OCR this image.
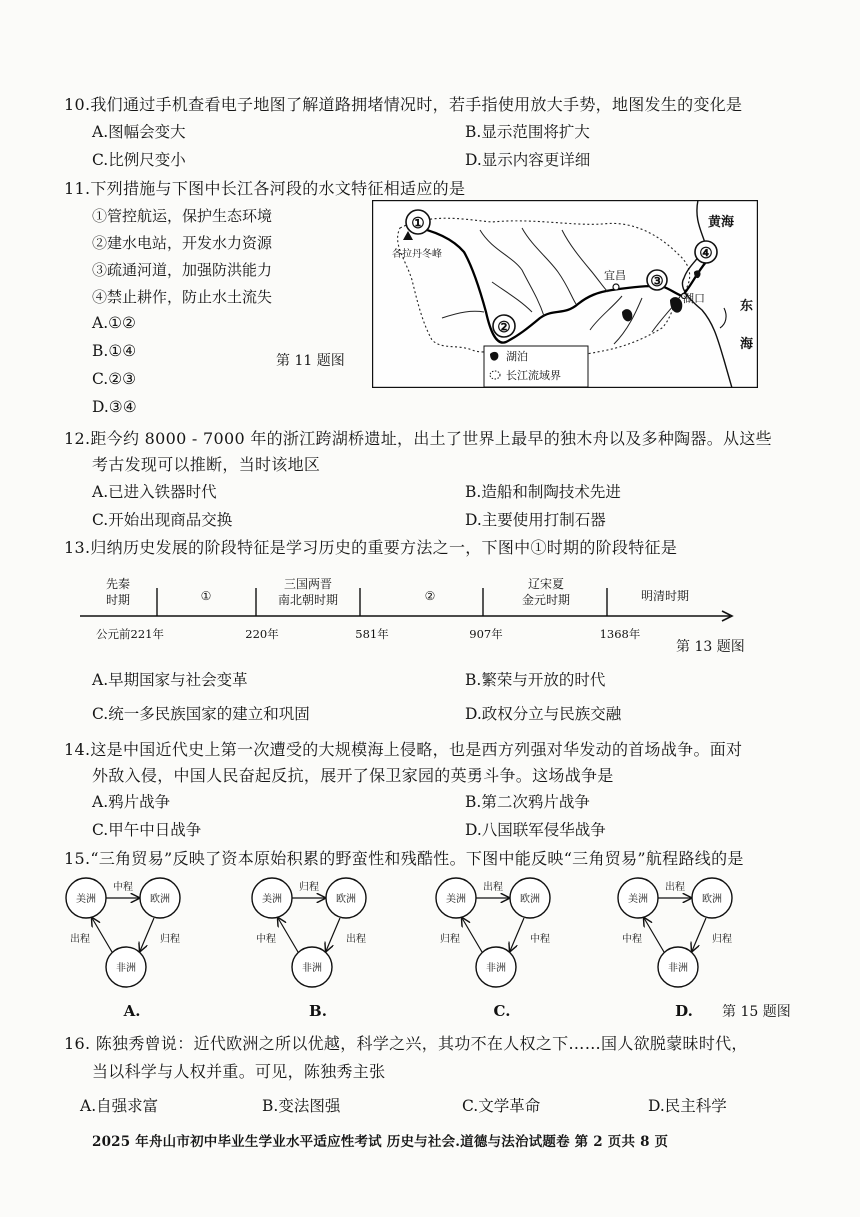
10.我们通过手机查看电子地图了解道路拥堵情况时，若手指使用放大手势，地图发生的变化是
A.图幅会变大	B.显示范围将扩大
C.比例尺变小	D.显示内容更详细
11.下列措施与下图中长江各河段的水文特征相适应的是
①管控航运，保护生态环境
②建水电站，开发水力资源
③疏通河道，加强防洪能力
④禁止耕作，防止水土流失
A.①②
B.①④
C.②③
D.③④
第 11 题图
各拉丹冬峰
宜昌
湖口
黄海
东
海
①
②
③
④
湖泊
长江流域界
12.距今约 8000 - 7000 年的浙江跨湖桥遗址，出土了世界上最早的独木舟以及多种陶器。从这些
考古发现可以推断，当时该地区
A.已进入铁器时代	B.造船和制陶技术先进
C.开始出现商品交换	D.主要使用打制石器
13.归纳历史发展的阶段特征是学习历史的重要方法之一，下图中①时期的阶段特征是
先秦
时期	①
三国两晋
南北朝时期	②
辽宋夏
金元时期	明清时期
公元前221年	220年	581年	907年	1368年
第 13 题图
A.早期国家与社会变革	B.繁荣与开放的时代
C.统一多民族国家的建立和巩固	D.政权分立与民族交融
14.这是中国近代史上第一次遭受的大规模海上侵略，也是西方列强对华发动的首场战争。面对
外敌入侵，中国人民奋起反抗，展开了保卫家园的英勇斗争。这场战争是
A.鸦片战争	B.第二次鸦片战争
C.甲午中日战争	D.八国联军侵华战争
15.“三角贸易”反映了资本原始积累的野蛮性和残酷性。下图中能反映“三角贸易”航程路线的是
美洲	欧洲
非洲
中程
出程	归程
A.
美洲	欧洲
非洲
归程
中程	出程
B.
美洲	欧洲
非洲
出程
归程	中程
C.
美洲	欧洲
非洲
出程
中程	归程
D. 第 15 题图
16. 陈独秀曾说：近代欧洲之所以优越，科学之兴，其功不在人权之下……国人欲脱蒙昧时代，
当以科学与人权并重。可见，陈独秀主张
A.自强求富	B.变法图强	C.文学革命	D.民主科学
2025 年舟山市初中毕业生学业水平适应性考试 历史与社会.道德与法治试题卷 第 2 页共 8 页
